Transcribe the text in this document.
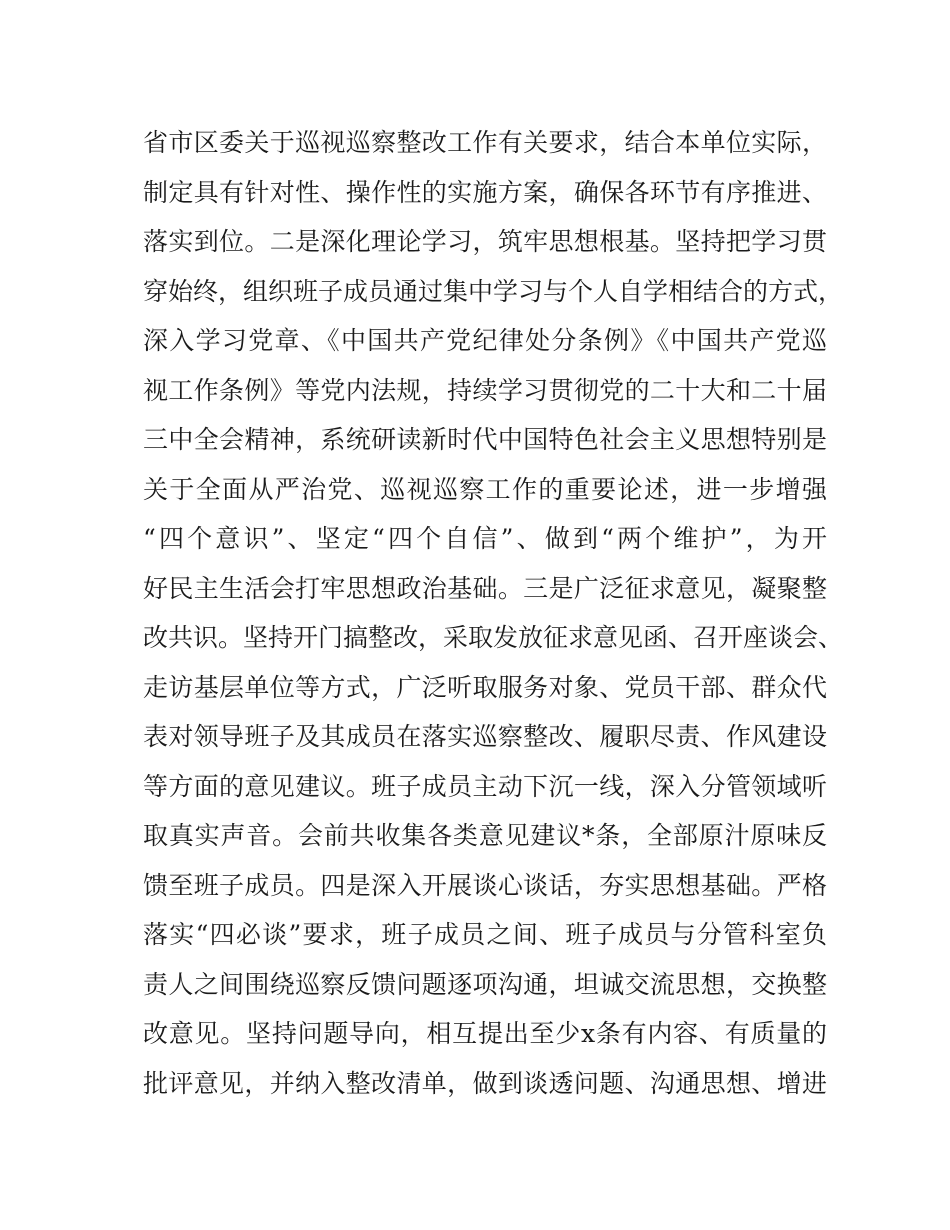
省市区委关于巡视巡察整改工作有关要求，结合本单位实际，
制定具有针对性、操作性的实施方案，确保各环节有序推进、
落实到位。二是深化理论学习，筑牢思想根基。坚持把学习贯
穿始终，组织班子成员通过集中学习与个人自学相结合的方式，
深入学习党章、《中国共产党纪律处分条例》《中国共产党巡
视工作条例》等党内法规，持续学习贯彻党的二十大和二十届
三中全会精神，系统研读新时代中国特色社会主义思想特别是
关于全面从严治党、巡视巡察工作的重要论述，进一步增强
“四个意识”、坚定“四个自信”、做到“两个维护”，为开
好民主生活会打牢思想政治基础。三是广泛征求意见，凝聚整
改共识。坚持开门搞整改，采取发放征求意见函、召开座谈会、
走访基层单位等方式，广泛听取服务对象、党员干部、群众代
表对领导班子及其成员在落实巡察整改、履职尽责、作风建设
等方面的意见建议。班子成员主动下沉一线，深入分管领域听
取真实声音。会前共收集各类意见建议*条，全部原汁原味反
馈至班子成员。四是深入开展谈心谈话，夯实思想基础。严格
落实“四必谈”要求，班子成员之间、班子成员与分管科室负
责人之间围绕巡察反馈问题逐项沟通，坦诚交流思想，交换整
改意见。坚持问题导向，相互提出至少x条有内容、有质量的
批评意见，并纳入整改清单，做到谈透问题、沟通思想、增进
